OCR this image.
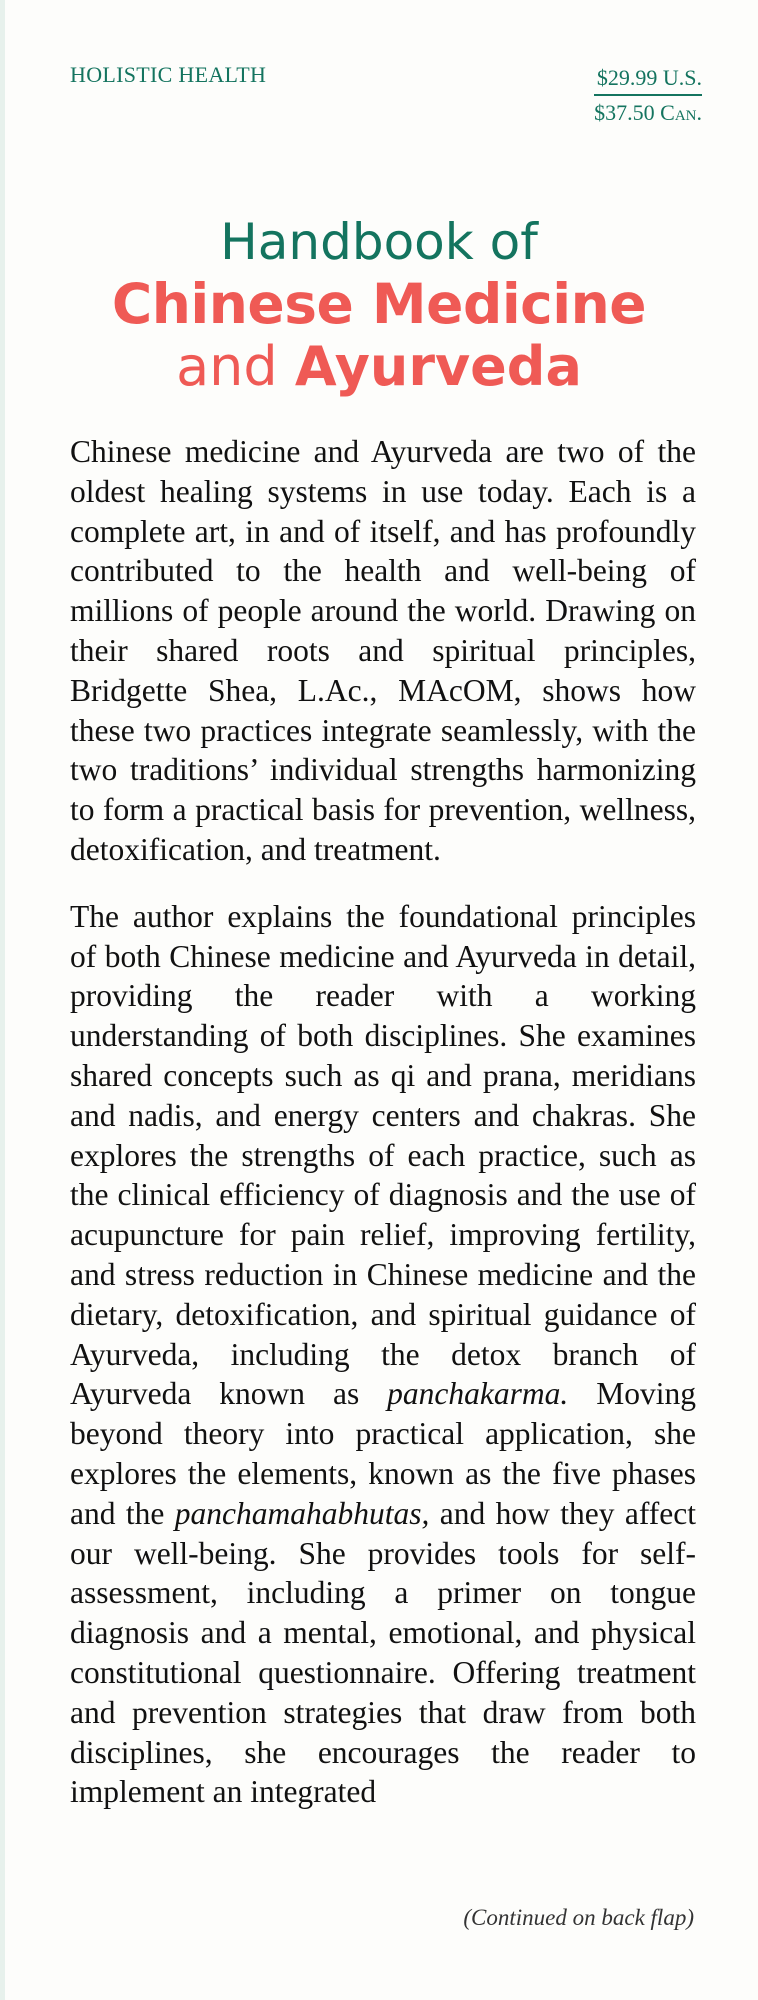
HOLISTIC HEALTH	$29.99 U.S.
$37.50 Can.
Handbook of
Chinese Medicine
and Ayurveda

Chinese medicine and Ayurveda are two of the oldest healing systems in use today. Each is a complete art, in and of itself, and has profoundly contributed to the health and well-being of millions of people around the world. Drawing on their shared roots and spiritual principles, Bridgette Shea, L.Ac., MAcOM, shows how these two practices integrate seamlessly, with the two traditions’ individual strengths harmonizing to form a practical basis for prevention, wellness, detoxification, and treatment.

The author explains the foundational principles of both Chinese medicine and Ayurveda in detail, providing the reader with a working understanding of both disciplines. She examines shared concepts such as qi and prana, meridians and nadis, and energy centers and chakras. She explores the strengths of each practice, such as the clinical efficiency of diagnosis and the use of acupuncture for pain relief, improving fertility, and stress reduction in Chinese medicine and the dietary, detoxification, and spiritual guidance of Ayurveda, including the detox branch of Ayurveda known as panchakarma. Moving beyond theory into practical application, she explores the elements, known as the five phases and the panchamahabhutas, and how they affect our well-being. She provides tools for self-assessment, including a primer on tongue diagnosis and a mental, emotional, and physical constitutional questionnaire. Offering treatment and prevention strategies that draw from both disciplines, she encourages the reader to implement an integrated

(Continued on back flap)
